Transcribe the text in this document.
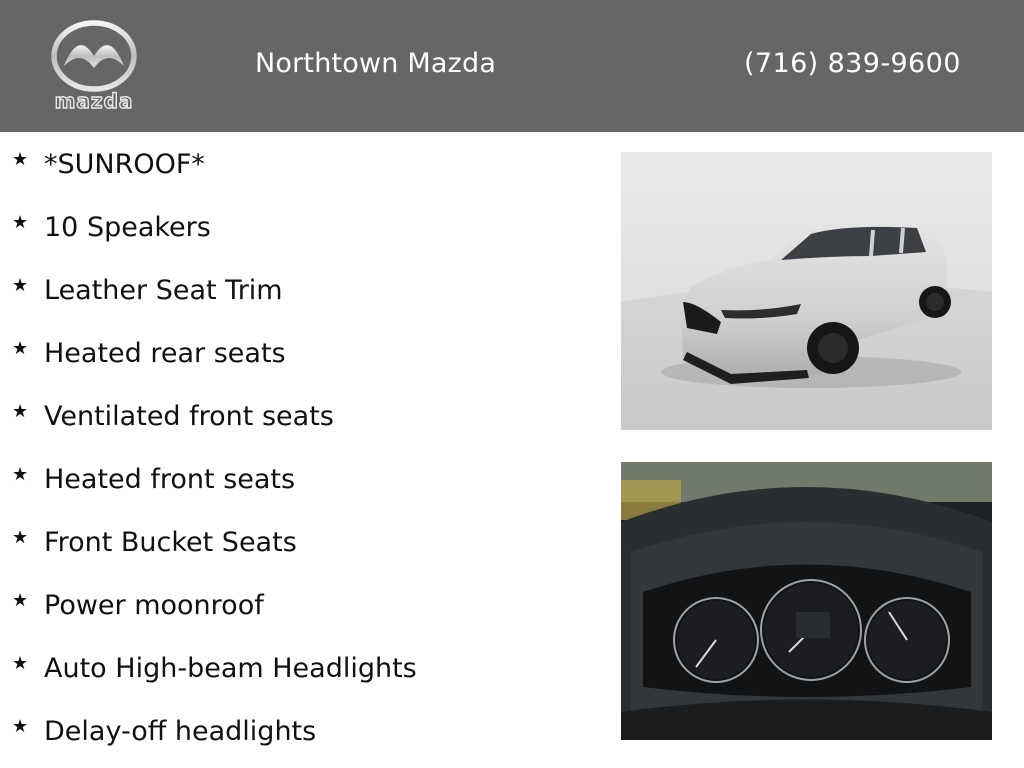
mazda
Northtown Mazda	(716) 839-9600
★ *SUNROOF*
★ 10 Speakers
★ Leather Seat Trim
★ Heated rear seats
★ Ventilated front seats
★ Heated front seats
★ Front Bucket Seats
★ Power moonroof
★ Auto High-beam Headlights
★ Delay-off headlights
